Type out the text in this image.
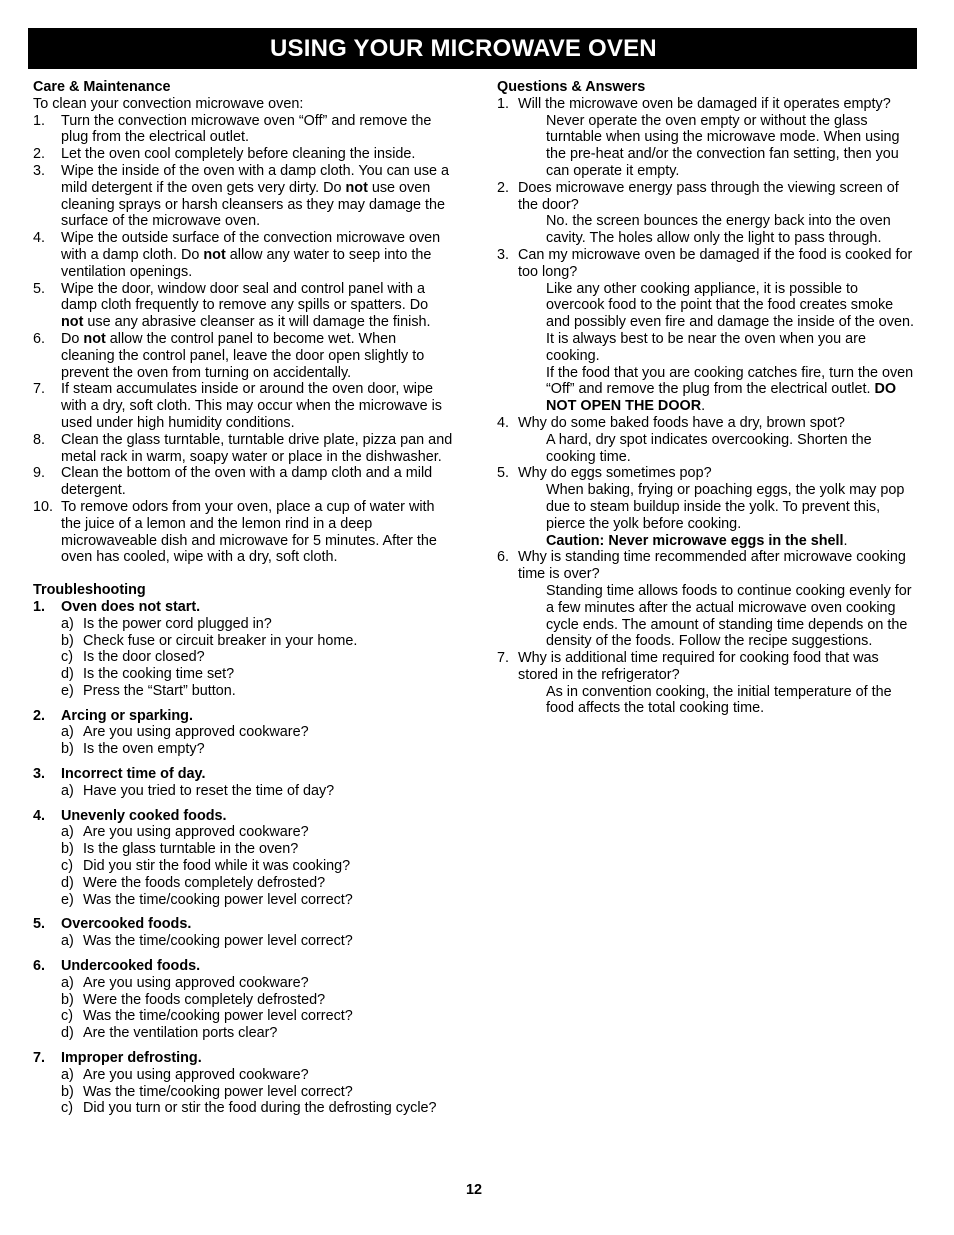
USING YOUR MICROWAVE OVEN
Care & Maintenance
To clean your convection microwave oven:
1. Turn the convection microwave oven “Off” and remove the plug from the electrical outlet.
2. Let the oven cool completely before cleaning the inside.
3. Wipe the inside of the oven with a damp cloth. You can use a mild detergent if the oven gets very dirty. Do not use oven cleaning sprays or harsh cleansers as they may damage the surface of the microwave oven.
4. Wipe the outside surface of the convection microwave oven with a damp cloth. Do not allow any water to seep into the ventilation openings.
5. Wipe the door, window door seal and control panel with a damp cloth frequently to remove any spills or spatters. Do not use any abrasive cleanser as it will damage the finish.
6. Do not allow the control panel to become wet. When cleaning the control panel, leave the door open slightly to prevent the oven from turning on accidentally.
7. If steam accumulates inside or around the oven door, wipe with a dry, soft cloth. This may occur when the microwave is used under high humidity conditions.
8. Clean the glass turntable, turntable drive plate, pizza pan and metal rack in warm, soapy water or place in the dishwasher.
9. Clean the bottom of the oven with a damp cloth and a mild detergent.
10. To remove odors from your oven, place a cup of water with the juice of a lemon and the lemon rind in a deep microwaveable dish and microwave for 5 minutes. After the oven has cooled, wipe with a dry, soft cloth.
Troubleshooting
1. Oven does not start.
a) Is the power cord plugged in?
b) Check fuse or circuit breaker in your home.
c) Is the door closed?
d) Is the cooking time set?
e) Press the “Start” button.
2. Arcing or sparking.
a) Are you using approved cookware?
b) Is the oven empty?
3. Incorrect time of day.
a) Have you tried to reset the time of day?
4. Unevenly cooked foods.
a) Are you using approved cookware?
b) Is the glass turntable in the oven?
c) Did you stir the food while it was cooking?
d) Were the foods completely defrosted?
e) Was the time/cooking power level correct?
5. Overcooked foods.
a) Was the time/cooking power level correct?
6. Undercooked foods.
a) Are you using approved cookware?
b) Were the foods completely defrosted?
c) Was the time/cooking power level correct?
d) Are the ventilation ports clear?
7. Improper defrosting.
a) Are you using approved cookware?
b) Was the time/cooking power level correct?
c) Did you turn or stir the food during the defrosting cycle?
Questions & Answers
1. Will the microwave oven be damaged if it operates empty?
Never operate the oven empty or without the glass turntable when using the microwave mode. When using the pre-heat and/or the convection fan setting, then you can operate it empty.
2. Does microwave energy pass through the viewing screen of the door?
No. the screen bounces the energy back into the oven cavity. The holes allow only the light to pass through.
3. Can my microwave oven be damaged if the food is cooked for too long?
Like any other cooking appliance, it is possible to overcook food to the point that the food creates smoke and possibly even fire and damage the inside of the oven. It is always best to be near the oven when you are cooking.
If the food that you are cooking catches fire, turn the oven “Off” and remove the plug from the electrical outlet. DO NOT OPEN THE DOOR.
4. Why do some baked foods have a dry, brown spot?
A hard, dry spot indicates overcooking. Shorten the cooking time.
5. Why do eggs sometimes pop?
When baking, frying or poaching eggs, the yolk may pop due to steam buildup inside the yolk. To prevent this, pierce the yolk before cooking.
Caution: Never microwave eggs in the shell.
6. Why is standing time recommended after microwave cooking time is over?
Standing time allows foods to continue cooking evenly for a few minutes after the actual microwave oven cooking cycle ends. The amount of standing time depends on the density of the foods. Follow the recipe suggestions.
7. Why is additional time required for cooking food that was stored in the refrigerator?
As in convention cooking, the initial temperature of the food affects the total cooking time.
12
